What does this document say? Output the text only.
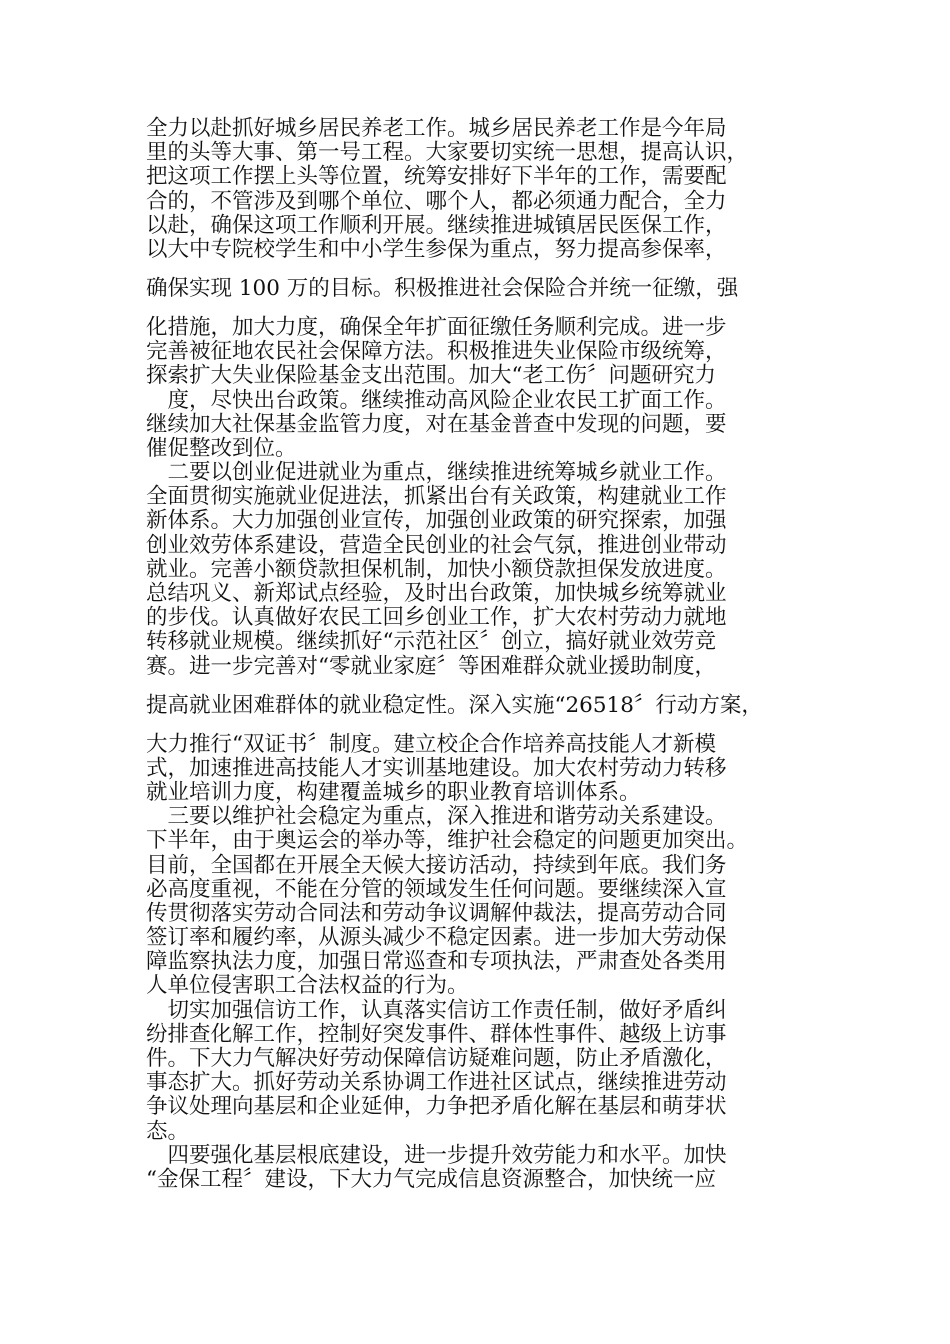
全力以赴抓好城乡居民养老工作。城乡居民养老工作是今年局
里的头等大事、第一号工程。大家要切实统一思想，提高认识，
把这项工作摆上头等位置，统筹安排好下半年的工作，需要配
合的，不管涉及到哪个单位、哪个人，都必须通力配合，全力
以赴，确保这项工作顺利开展。继续推进城镇居民医保工作，
以大中专院校学生和中小学生参保为重点，努力提高参保率，
确保实现 100 万的目标。积极推进社会保险合并统一征缴，强
化措施，加大力度，确保全年扩面征缴任务顺利完成。进一步
完善被征地农民社会保障方法。积极推进失业保险市级统筹，
探索扩大失业保险基金支出范围。加大“老工伤〞问题研究力
　度，尽快出台政策。继续推动高风险企业农民工扩面工作。
继续加大社保基金监管力度，对在基金普查中发现的问题，要
催促整改到位。
　二要以创业促进就业为重点，继续推进统筹城乡就业工作。
全面贯彻实施就业促进法，抓紧出台有关政策，构建就业工作
新体系。大力加强创业宣传，加强创业政策的研究探索，加强
创业效劳体系建设，营造全民创业的社会气氛，推进创业带动
就业。完善小额贷款担保机制，加快小额贷款担保发放进度。
总结巩义、新郑试点经验，及时出台政策，加快城乡统筹就业
的步伐。认真做好农民工回乡创业工作，扩大农村劳动力就地
转移就业规模。继续抓好“示范社区〞创立，搞好就业效劳竞
赛。进一步完善对“零就业家庭〞等困难群众就业援助制度，
提高就业困难群体的就业稳定性。深入实施“26518〞行动方案，
大力推行“双证书〞制度。建立校企合作培养高技能人才新模
式，加速推进高技能人才实训基地建设。加大农村劳动力转移
就业培训力度，构建覆盖城乡的职业教育培训体系。
　三要以维护社会稳定为重点，深入推进和谐劳动关系建设。
下半年，由于奥运会的举办等，维护社会稳定的问题更加突出。
目前，全国都在开展全天候大接访活动，持续到年底。我们务
必高度重视，不能在分管的领域发生任何问题。要继续深入宣
传贯彻落实劳动合同法和劳动争议调解仲裁法，提高劳动合同
签订率和履约率，从源头减少不稳定因素。进一步加大劳动保
障监察执法力度，加强日常巡查和专项执法，严肃查处各类用
人单位侵害职工合法权益的行为。
　切实加强信访工作，认真落实信访工作责任制，做好矛盾纠
纷排查化解工作，控制好突发事件、群体性事件、越级上访事
件。下大力气解决好劳动保障信访疑难问题，防止矛盾激化，
事态扩大。抓好劳动关系协调工作进社区试点，继续推进劳动
争议处理向基层和企业延伸，力争把矛盾化解在基层和萌芽状
态。
　四要强化基层根底建设，进一步提升效劳能力和水平。加快
“金保工程〞建设，下大力气完成信息资源整合，加快统一应
